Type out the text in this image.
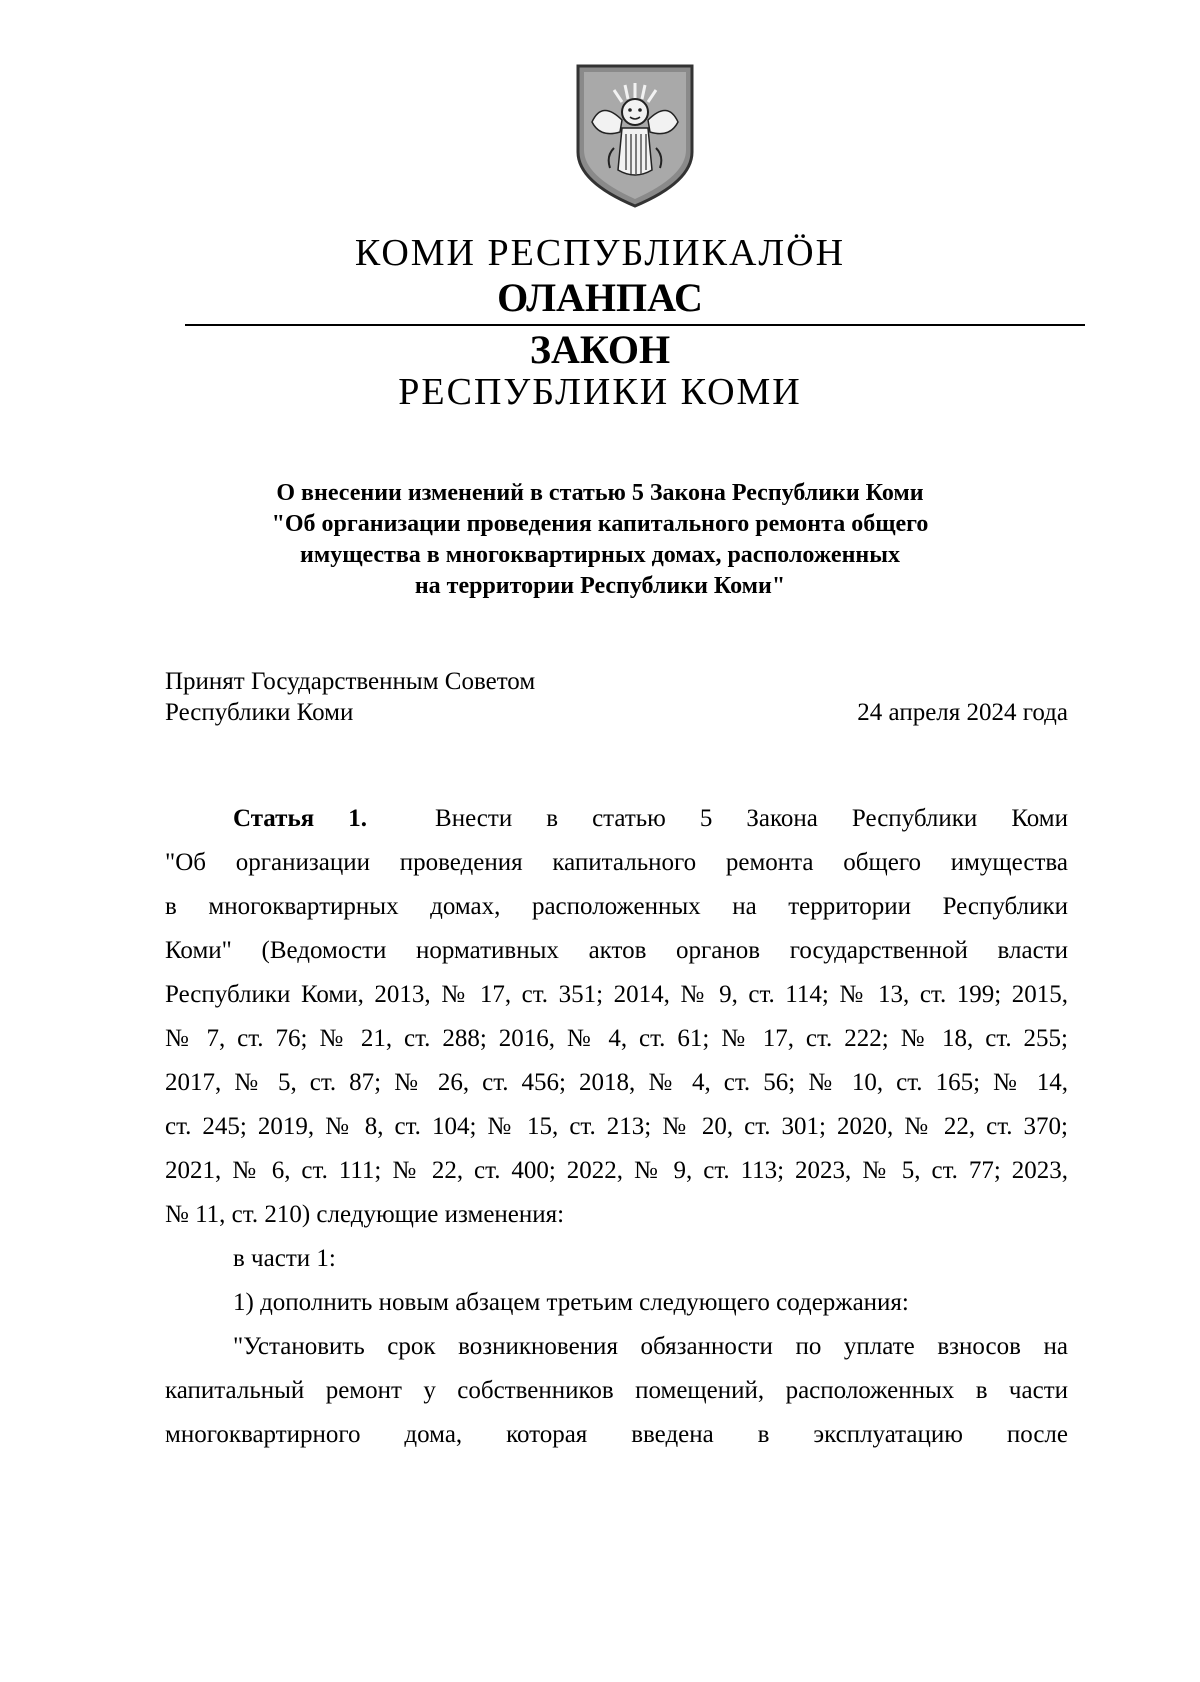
КОМИ РЕСПУБЛИКАЛӦН
ОЛАНПАС
ЗАКОН
РЕСПУБЛИКИ КОМИ
О внесении изменений в статью 5 Закона Республики Коми
"Об организации проведения капитального ремонта общего
имущества в многоквартирных домах, расположенных
на территории Республики Коми"
Принят Государственным Советом
Республики Коми	24 апреля 2024 года
Статья 1.	Внести в статью 5 Закона Республики Коми
"Об организации проведения капитального ремонта общего имущества
в многоквартирных домах, расположенных на территории Республики
Коми" (Ведомости нормативных актов органов государственной власти
Республики Коми, 2013, № 17, ст. 351; 2014, № 9, ст. 114; № 13, ст. 199; 2015,
№ 7, ст. 76; № 21, ст. 288; 2016, № 4, ст. 61; № 17, ст. 222; № 18, ст. 255;
2017, № 5, ст. 87; № 26, ст. 456; 2018, № 4, ст. 56; № 10, ст. 165; № 14,
ст. 245; 2019, № 8, ст. 104; № 15, ст. 213; № 20, ст. 301; 2020, № 22, ст. 370;
2021, № 6, ст. 111; № 22, ст. 400; 2022, № 9, ст. 113; 2023, № 5, ст. 77; 2023,
№ 11, ст. 210) следующие изменения:
в части 1:
1) дополнить новым абзацем третьим следующего содержания:
"Установить срок возникновения обязанности по уплате взносов на
капитальный ремонт у собственников помещений, расположенных в части
многоквартирного дома, которая введена в эксплуатацию после
